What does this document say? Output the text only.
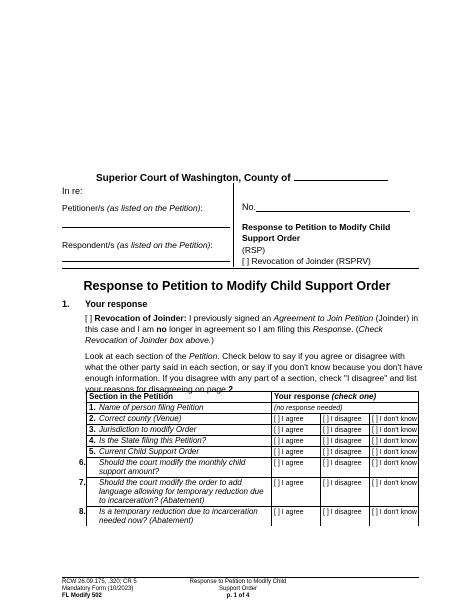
Superior Court of Washington, County of
In re:
Petitioner/s (as listed on the Petition):
Respondent/s (as listed on the Petition):
No.
Response to Petition to Modify Child Support Order
(RSP)
[ ] Revocation of Joinder (RSPRV)
Response to Petition to Modify Child Support Order
1. Your response
[ ] Revocation of Joinder: I previously signed an Agreement to Join Petition (Joinder) in this case and I am no longer in agreement so I am filing this Response. (Check Revocation of Joinder box above.)
Look at each section of the Petition. Check below to say if you agree or disagree with what the other party said in each section, or say if you don't know because you don't have enough information. If you disagree with any part of a section, check "I disagree" and list your reasons for disagreeing on page 2.
Section in the Petition	Your response (check one)
1. Name of person filing Petition	(no response needed)
2. Correct county (Venue)	[ ] I agree [ ] I disagree [ ] I don't know

3. Jurisdiction to modify Order	[ ] I agree [ ] I disagree [ ] I don't know

4. Is the State filing this Petition?	[ ] I agree [ ] I disagree [ ] I don't know

5. Current Child Support Order	[ ] I agree [ ] I disagree [ ] I don't know

6. Should the court modify the monthly child support amount?	[ ] I agree [ ] I disagree [ ] I don't know

7. Should the court modify the order to add language allowing for temporary reduction due to incarceration? (Abatement)	[ ] I agree [ ] I disagree [ ] I don't know

8. Is a temporary reduction due to incarceration needed now? (Abatement)	[ ] I agree [ ] I disagree [ ] I don't know
RCW 26.09.175, .320; CR 5
Mandatory Form (10/2023)
FL Modify 502
Response to Petition to Modify Child Support Order
p. 1 of 4
